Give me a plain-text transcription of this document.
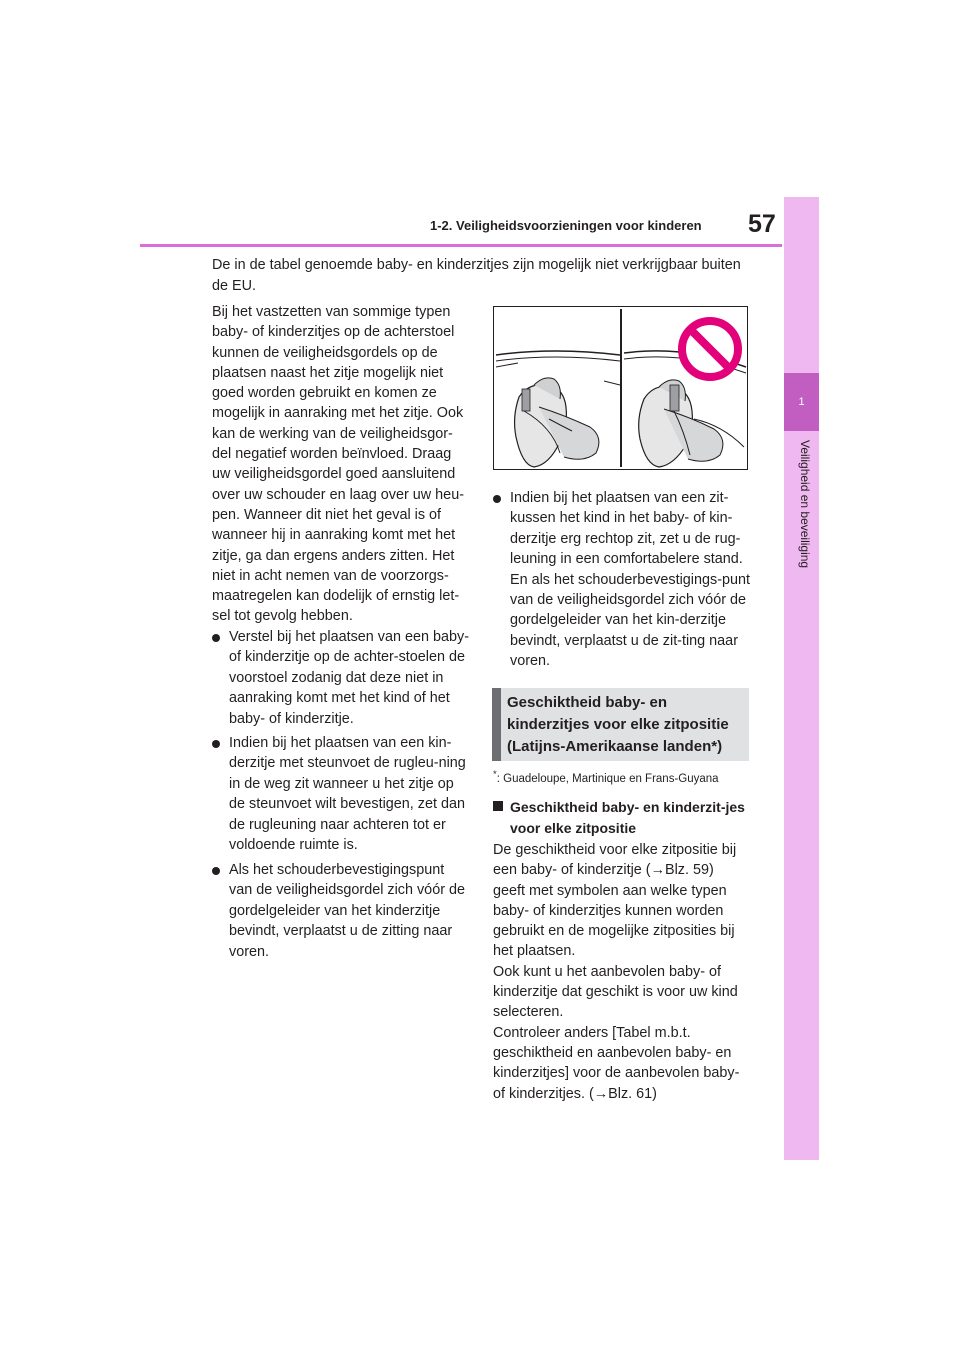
1-2. Veiligheidsvoorzieningen voor kinderen 57
1
Veiligheid en beveiliging

De in de tabel genoemde baby- en kinderzitjes zijn mogelijk niet verkrijgbaar buiten de EU.

Bij het vastzetten van sommige typen baby- of kinderzitjes op de achterstoel kunnen de veiligheidsgordels op de plaatsen naast het zitje mogelijk niet goed worden gebruikt en komen ze mogelijk in aanraking met het zitje. Ook kan de werking van de veiligheidsgor-del negatief worden beïnvloed. Draag uw veiligheidsgordel goed aansluitend over uw schouder en laag over uw heu-pen. Wanneer dit niet het geval is of wanneer hij in aanraking komt met het zitje, ga dan ergens anders zitten. Het niet in acht nemen van de voorzorgs-maatregelen kan dodelijk of ernstig let-sel tot gevolg hebben.

Verstel bij het plaatsen van een baby- of kinderzitje op de achter-stoelen de voorstoel zodanig dat deze niet in aanraking komt met het kind of het baby- of kinderzitje.
Indien bij het plaatsen van een kin-derzitje met steunvoet de rugleu-ning in de weg zit wanneer u het zitje op de steunvoet wilt bevestigen, zet dan de rugleuning naar achteren tot er voldoende ruimte is.
Als het schouderbevestigingspunt van de veiligheidsgordel zich vóór de gordelgeleider van het kinderzitje bevindt, verplaatst u de zitting naar voren.
Indien bij het plaatsen van een zit-kussen het kind in het baby- of kin-derzitje erg rechtop zit, zet u de rug-leuning in een comfortabelere stand. En als het schouderbevestigings-punt van de veiligheidsgordel zich vóór de gordelgeleider van het kin-derzitje bevindt, verplaatst u de zit-ting naar voren.
Geschiktheid baby- en kinderzitjes voor elke zitpositie (Latijns-Amerikaanse landen*)
*: Guadeloupe, Martinique en Frans-Guyana
Geschiktheid baby- en kinderzit-jes voor elke zitpositie
De geschiktheid voor elke zitpositie bij
een baby- of kinderzitje (→Blz. 59)
geeft met symbolen aan welke typen
baby- of kinderzitjes kunnen worden
gebruikt en de mogelijke zitposities bij
het plaatsen.
Ook kunt u het aanbevolen baby- of
kinderzitje dat geschikt is voor uw kind
selecteren.
Controleer anders [Tabel m.b.t.
geschiktheid en aanbevolen baby- en
kinderzitjes] voor de aanbevolen baby-
of kinderzitjes. (→Blz. 61)
